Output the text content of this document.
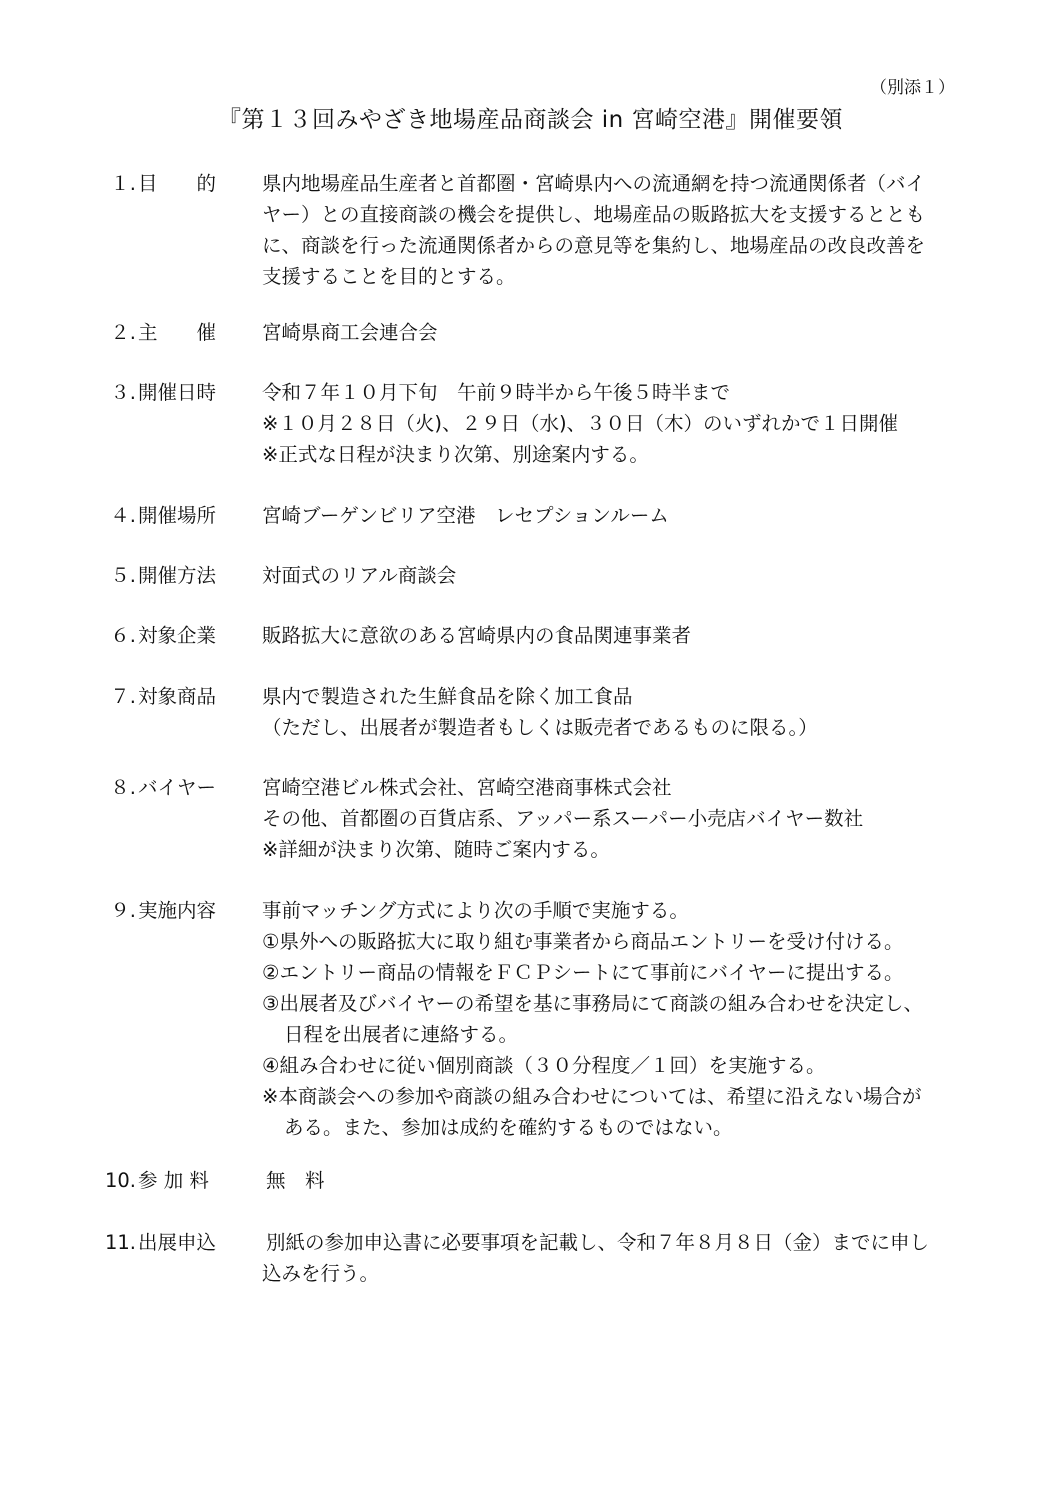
（別添１）
『第１３回みやざき地場産品商談会 in 宮崎空港』開催要領
１. 目　　的	県内地場産品生産者と首都圏・宮崎県内への流通網を持つ流通関係者（バイ
ヤー）との直接商談の機会を提供し、地場産品の販路拡大を支援するととも
に、商談を行った流通関係者からの意見等を集約し、地場産品の改良改善を
支援することを目的とする。
２. 主　　催	宮崎県商工会連合会
３. 開催日時	令和７年１０月下旬　午前９時半から午後５時半まで
※１０月２８日（火)、２９日（水)、３０日（木）のいずれかで１日開催
※正式な日程が決まり次第、別途案内する。
４. 開催場所	宮崎ブーゲンビリア空港　レセプションルーム
５. 開催方法	対面式のリアル商談会
６. 対象企業	販路拡大に意欲のある宮崎県内の食品関連事業者
７. 対象商品	県内で製造された生鮮食品を除く加工食品
（ただし、出展者が製造者もしくは販売者であるものに限る。）
８. バイヤー	宮崎空港ビル株式会社、宮崎空港商事株式会社
その他、首都圏の百貨店系、アッパー系スーパー小売店バイヤー数社
※詳細が決まり次第、随時ご案内する。
９. 実施内容	事前マッチング方式により次の手順で実施する。
①県外への販路拡大に取り組む事業者から商品エントリーを受け付ける。
②エントリー商品の情報をＦＣＰシートにて事前にバイヤーに提出する。
③出展者及びバイヤーの希望を基に事務局にて商談の組み合わせを決定し、
日程を出展者に連絡する。
④組み合わせに従い個別商談（３０分程度／１回）を実施する。
※本商談会への参加や商談の組み合わせについては、希望に沿えない場合が
ある。また、参加は成約を確約するものではない。
10. 参 加 料	無　料
11. 出展申込	別紙の参加申込書に必要事項を記載し、令和７年８月８日（金）までに申し
込みを行う。
